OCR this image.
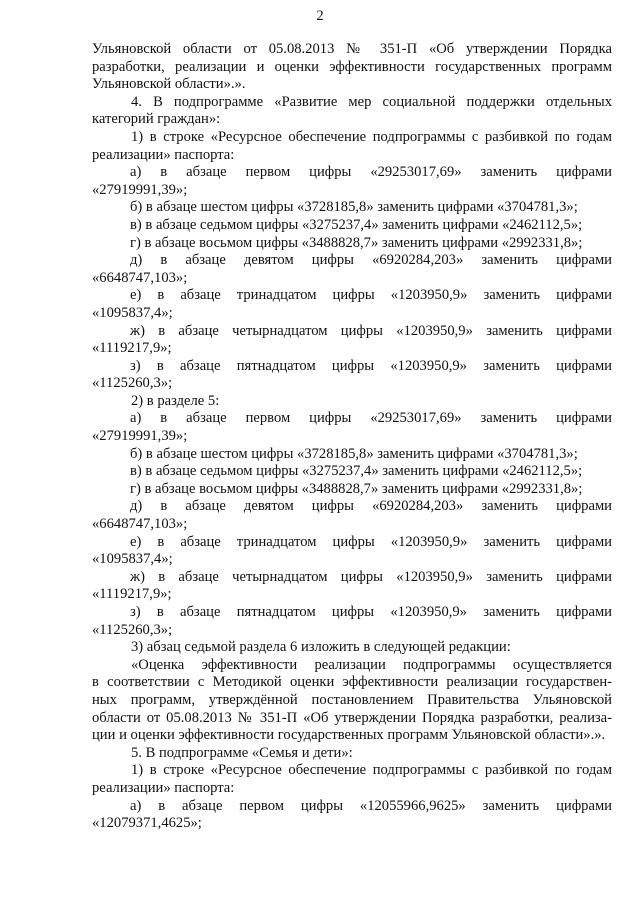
2
Ульяновской области от 05.08.2013 № 351-П «Об утверждении Порядка
разработки, реализации и оценки эффективности государственных программ
Ульяновской области».».
4. В подпрограмме «Развитие мер социальной поддержки отдельных
категорий граждан»:
1) в строке «Ресурсное обеспечение подпрограммы с разбивкой по годам
реализации» паспорта:
а) в абзаце первом цифры «29253017,69» заменить цифрами
«27919991,39»;
б) в абзаце шестом цифры «3728185,8» заменить цифрами «3704781,3»;
в) в абзаце седьмом цифры «3275237,4» заменить цифрами «2462112,5»;
г) в абзаце восьмом цифры «3488828,7» заменить цифрами «2992331,8»;
д) в абзаце девятом цифры «6920284,203» заменить цифрами
«6648747,103»;
е) в абзаце тринадцатом цифры «1203950,9» заменить цифрами
«1095837,4»;
ж) в абзаце четырнадцатом цифры «1203950,9» заменить цифрами
«1119217,9»;
з) в абзаце пятнадцатом цифры «1203950,9» заменить цифрами
«1125260,3»;
2) в разделе 5:
а) в абзаце первом цифры «29253017,69» заменить цифрами
«27919991,39»;
б) в абзаце шестом цифры «3728185,8» заменить цифрами «3704781,3»;
в) в абзаце седьмом цифры «3275237,4» заменить цифрами «2462112,5»;
г) в абзаце восьмом цифры «3488828,7» заменить цифрами «2992331,8»;
д) в абзаце девятом цифры «6920284,203» заменить цифрами
«6648747,103»;
е) в абзаце тринадцатом цифры «1203950,9» заменить цифрами
«1095837,4»;
ж) в абзаце четырнадцатом цифры «1203950,9» заменить цифрами
«1119217,9»;
з) в абзаце пятнадцатом цифры «1203950,9» заменить цифрами
«1125260,3»;
3) абзац седьмой раздела 6 изложить в следующей редакции:
«Оценка эффективности реализации подпрограммы осуществляется
в соответствии с Методикой оценки эффективности реализации государствен-
ных программ, утверждённой постановлением Правительства Ульяновской
области от 05.08.2013 № 351-П «Об утверждении Порядка разработки, реализа-
ции и оценки эффективности государственных программ Ульяновской области».».
5. В подпрограмме «Семья и дети»:
1) в строке «Ресурсное обеспечение подпрограммы с разбивкой по годам
реализации» паспорта:
а) в абзаце первом цифры «12055966,9625» заменить цифрами
«12079371,4625»;
